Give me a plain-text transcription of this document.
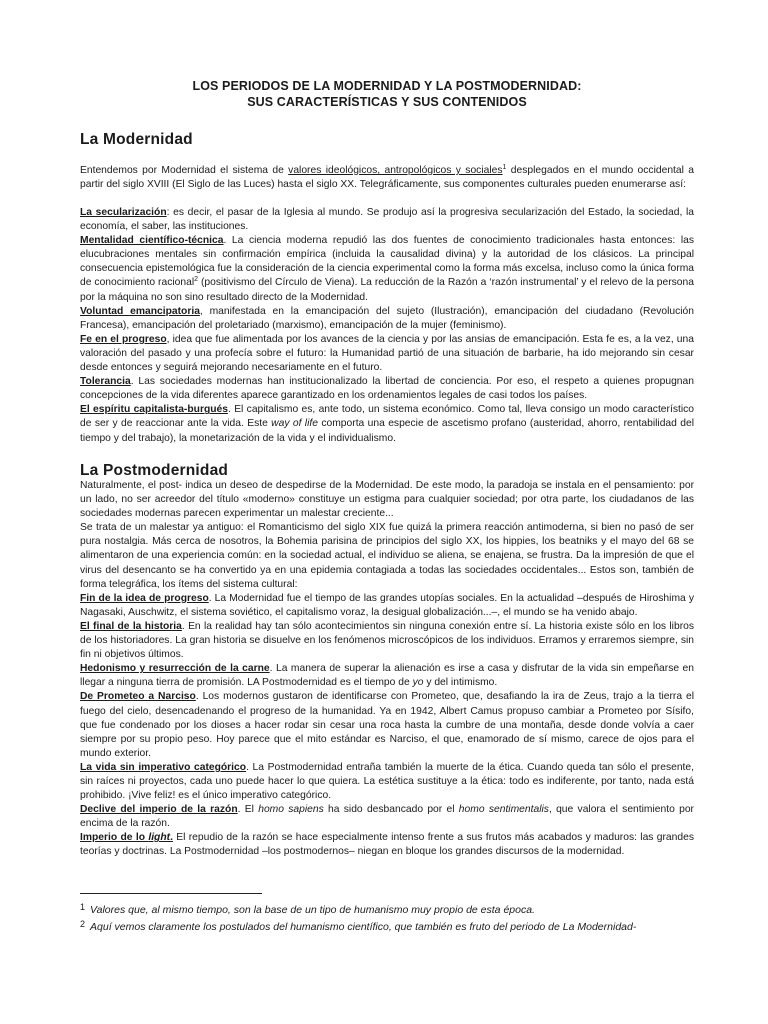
LOS PERIODOS DE LA MODERNIDAD Y LA POSTMODERNIDAD:
SUS CARACTERÍSTICAS Y SUS CONTENIDOS
La Modernidad

Entendemos por Modernidad el sistema de valores ideológicos, antropológicos y sociales$^1$ desplegados en el mundo occidental a partir del siglo XVIII (El Siglo de las Luces) hasta el siglo XX. Telegráficamente, sus componentes culturales pueden enumerarse así:

La secularización: es decir, el pasar de la Iglesia al mundo. Se produjo así la progresiva secularización del Estado, la sociedad, la economía, el saber, las instituciones.

Mentalidad científico-técnica. La ciencia moderna repudió las dos fuentes de conocimiento tradicionales hasta entonces: las elucubraciones mentales sin confirmación empírica (incluida la causalidad divina) y la autoridad de los clásicos. La principal consecuencia epistemológica fue la consideración de la ciencia experimental como la forma más excelsa, incluso como la única forma de conocimiento racional$^2$ (positivismo del Círculo de Viena). La reducción de la Razón a ‘razón instrumental’ y el relevo de la persona por la máquina no son sino resultado directo de la Modernidad.

Voluntad emancipatoria, manifestada en la emancipación del sujeto (Ilustración), emancipación del ciudadano (Revolución Francesa), emancipación del proletariado (marxismo), emancipación de la mujer (feminismo).

Fe en el progreso, idea que fue alimentada por los avances de la ciencia y por las ansias de emancipación. Esta fe es, a la vez, una valoración del pasado y una profecía sobre el futuro: la Humanidad partió de una situación de barbarie, ha ido mejorando sin cesar desde entonces y seguirá mejorando necesariamente en el futuro.

Tolerancia. Las sociedades modernas han institucionalizado la libertad de conciencia. Por eso, el respeto a quienes propugnan concepciones de la vida diferentes aparece garantizado en los ordenamientos legales de casi todos los países.

El espíritu capitalista-burgués. El capitalismo es, ante todo, un sistema económico. Como tal, lleva consigo un modo característico de ser y de reaccionar ante la vida. Este way of life comporta una especie de ascetismo profano (austeridad, ahorro, rentabilidad del tiempo y del trabajo), la monetarización de la vida y el individualismo.

La Postmodernidad

Naturalmente, el post- indica un deseo de despedirse de la Modernidad. De este modo, la paradoja se instala en el pensamiento: por un lado, no ser acreedor del título «moderno» constituye un estigma para cualquier sociedad; por otra parte, los ciudadanos de las sociedades modernas parecen experimentar un malestar creciente...

Se trata de un malestar ya antiguo: el Romanticismo del siglo XIX fue quizá la primera reacción antimoderna, si bien no pasó de ser pura nostalgia. Más cerca de nosotros, la Bohemia parisina de principios del siglo XX, los hippies, los beatniks y el mayo del 68 se alimentaron de una experiencia común: en la sociedad actual, el individuo se aliena, se enajena, se frustra. Da la impresión de que el virus del desencanto se ha convertido ya en una epidemia contagiada a todas las sociedades occidentales... Estos son, también de forma telegráfica, los ítems del sistema cultural:

Fin de la idea de progreso. La Modernidad fue el tiempo de las grandes utopías sociales. En la actualidad –después de Hiroshima y Nagasaki, Auschwitz, el sistema soviético, el capitalismo voraz, la desigual globalización...–, el mundo se ha venido abajo.

El final de la historia. En la realidad hay tan sólo acontecimientos sin ninguna conexión entre sí. La historia existe sólo en los libros de los historiadores. La gran historia se disuelve en los fenómenos microscópicos de los individuos. Erramos y erraremos siempre, sin fin ni objetivos últimos.

Hedonismo y resurrección de la carne. La manera de superar la alienación es irse a casa y disfrutar de la vida sin empeñarse en llegar a ninguna tierra de promisión. LA Postmodernidad es el tiempo de yo y del intimismo.

De Prometeo a Narciso. Los modernos gustaron de identificarse con Prometeo, que, desafiando la ira de Zeus, trajo a la tierra el fuego del cielo, desencadenando el progreso de la humanidad. Ya en 1942, Albert Camus propuso cambiar a Prometeo por Sísifo, que fue condenado por los dioses a hacer rodar sin cesar una roca hasta la cumbre de una montaña, desde donde volvía a caer siempre por su propio peso. Hoy parece que el mito estándar es Narciso, el que, enamorado de sí mismo, carece de ojos para el mundo exterior.

La vida sin imperativo categórico. La Postmodernidad entraña también la muerte de la ética. Cuando queda tan sólo el presente, sin raíces ni proyectos, cada uno puede hacer lo que quiera. La estética sustituye a la ética: todo es indiferente, por tanto, nada está prohibido. ¡Vive feliz! es el único imperativo categórico.

Declive del imperio de la razón. El homo sapiens ha sido desbancado por el homo sentimentalis, que valora el sentimiento por encima de la razón.

Imperio de lo light. El repudio de la razón se hace especialmente intenso frente a sus frutos más acabados y maduros: las grandes teorías y doctrinas. La Postmodernidad –los postmodernos– niegan en bloque los grandes discursos de la modernidad.

1 Valores que, al mismo tiempo, son la base de un tipo de humanismo muy propio de esta época.
2 Aquí vemos claramente los postulados del humanismo científico, que también es fruto del periodo de La Modernidad-
